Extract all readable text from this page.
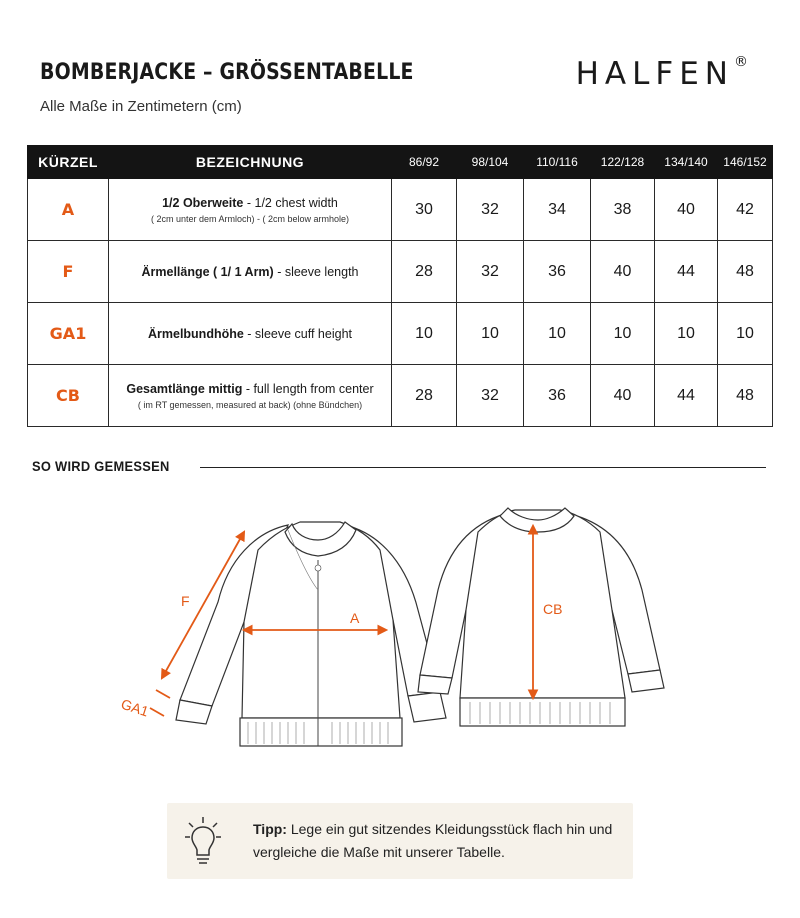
BOMBERJACKE – GRÖSSENTABELLE
Alle Maße in Zentimetern (cm)
HALFEN®
KÜRZEL	BEZEICHNUNG	86/92	98/104	110/116	122/128	134/140	146/152
A	1/2 Oberweite - 1/2 chest width
( 2cm unter dem Armloch) - ( 2cm below armhole)	30	32	34	38	40	42
F	Ärmellänge ( 1/ 1 Arm) - sleeve length	28	32	36	40	44	48
GA1	Ärmelbundhöhe - sleeve cuff height	10	10	10	10	10	10
CB	Gesamtlänge mittig - full length from center
( im RT gemessen, measured at back) (ohne Bündchen)	28	32	36	40	44	48
SO WIRD GEMESSEN
F
A
CB
GA1
Tipp: Lege ein gut sitzendes Kleidungsstück flach hin und vergleiche die Maße mit unserer Tabelle.
